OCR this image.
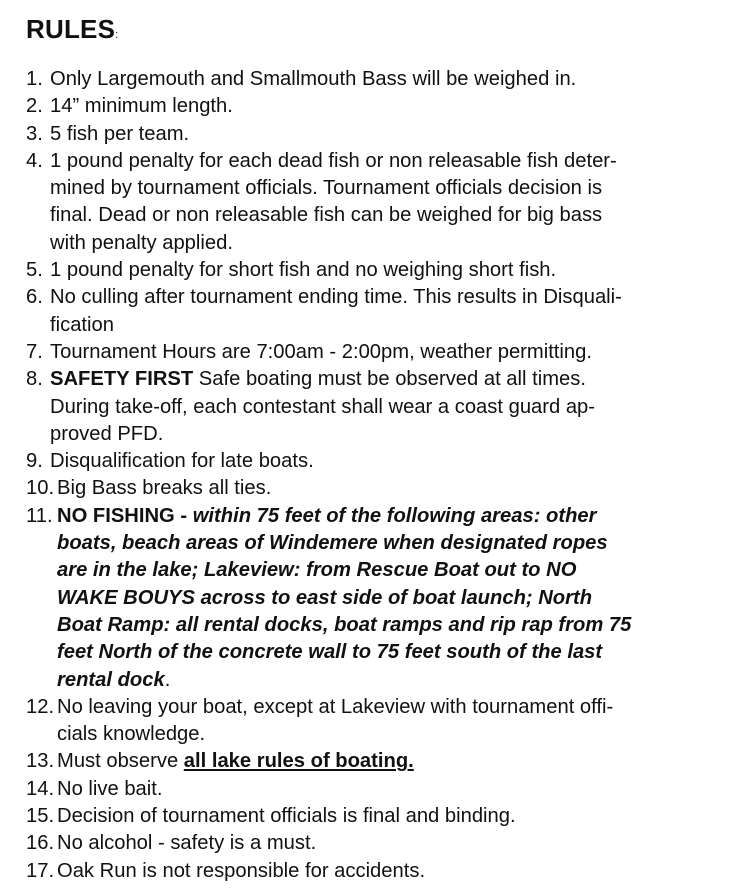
RULES:
1. Only Largemouth and Smallmouth Bass will be weighed in.
2. 14” minimum length.
3. 5 fish per team.
4. 1 pound penalty for each dead fish or non releasable fish deter-
mined by tournament officials. Tournament officials decision is
final. Dead or non releasable fish can be weighed for big bass
with penalty applied.
5. 1 pound penalty for short fish and no weighing short fish.
6. No culling after tournament ending time. This results in Disquali-
fication
7. Tournament Hours are 7:00am - 2:00pm, weather permitting.
8. SAFETY FIRST Safe boating must be observed at all times.
During take-off, each contestant shall wear a coast guard ap-
proved PFD.
9. Disqualification for late boats.
10. Big Bass breaks all ties.
11. NO FISHING - within 75 feet of the following areas: other
boats, beach areas of Windemere when designated ropes
are in the lake; Lakeview: from Rescue Boat out to NO
WAKE BOUYS across to east side of boat launch; North
Boat Ramp: all rental docks, boat ramps and rip rap from 75
feet North of the concrete wall to 75 feet south of the last
rental dock.
12. No leaving your boat, except at Lakeview with tournament offi-
cials knowledge.
13. Must observe all lake rules of boating.
14. No live bait.
15. Decision of tournament officials is final and binding.
16. No alcohol - safety is a must.
17. Oak Run is not responsible for accidents.
